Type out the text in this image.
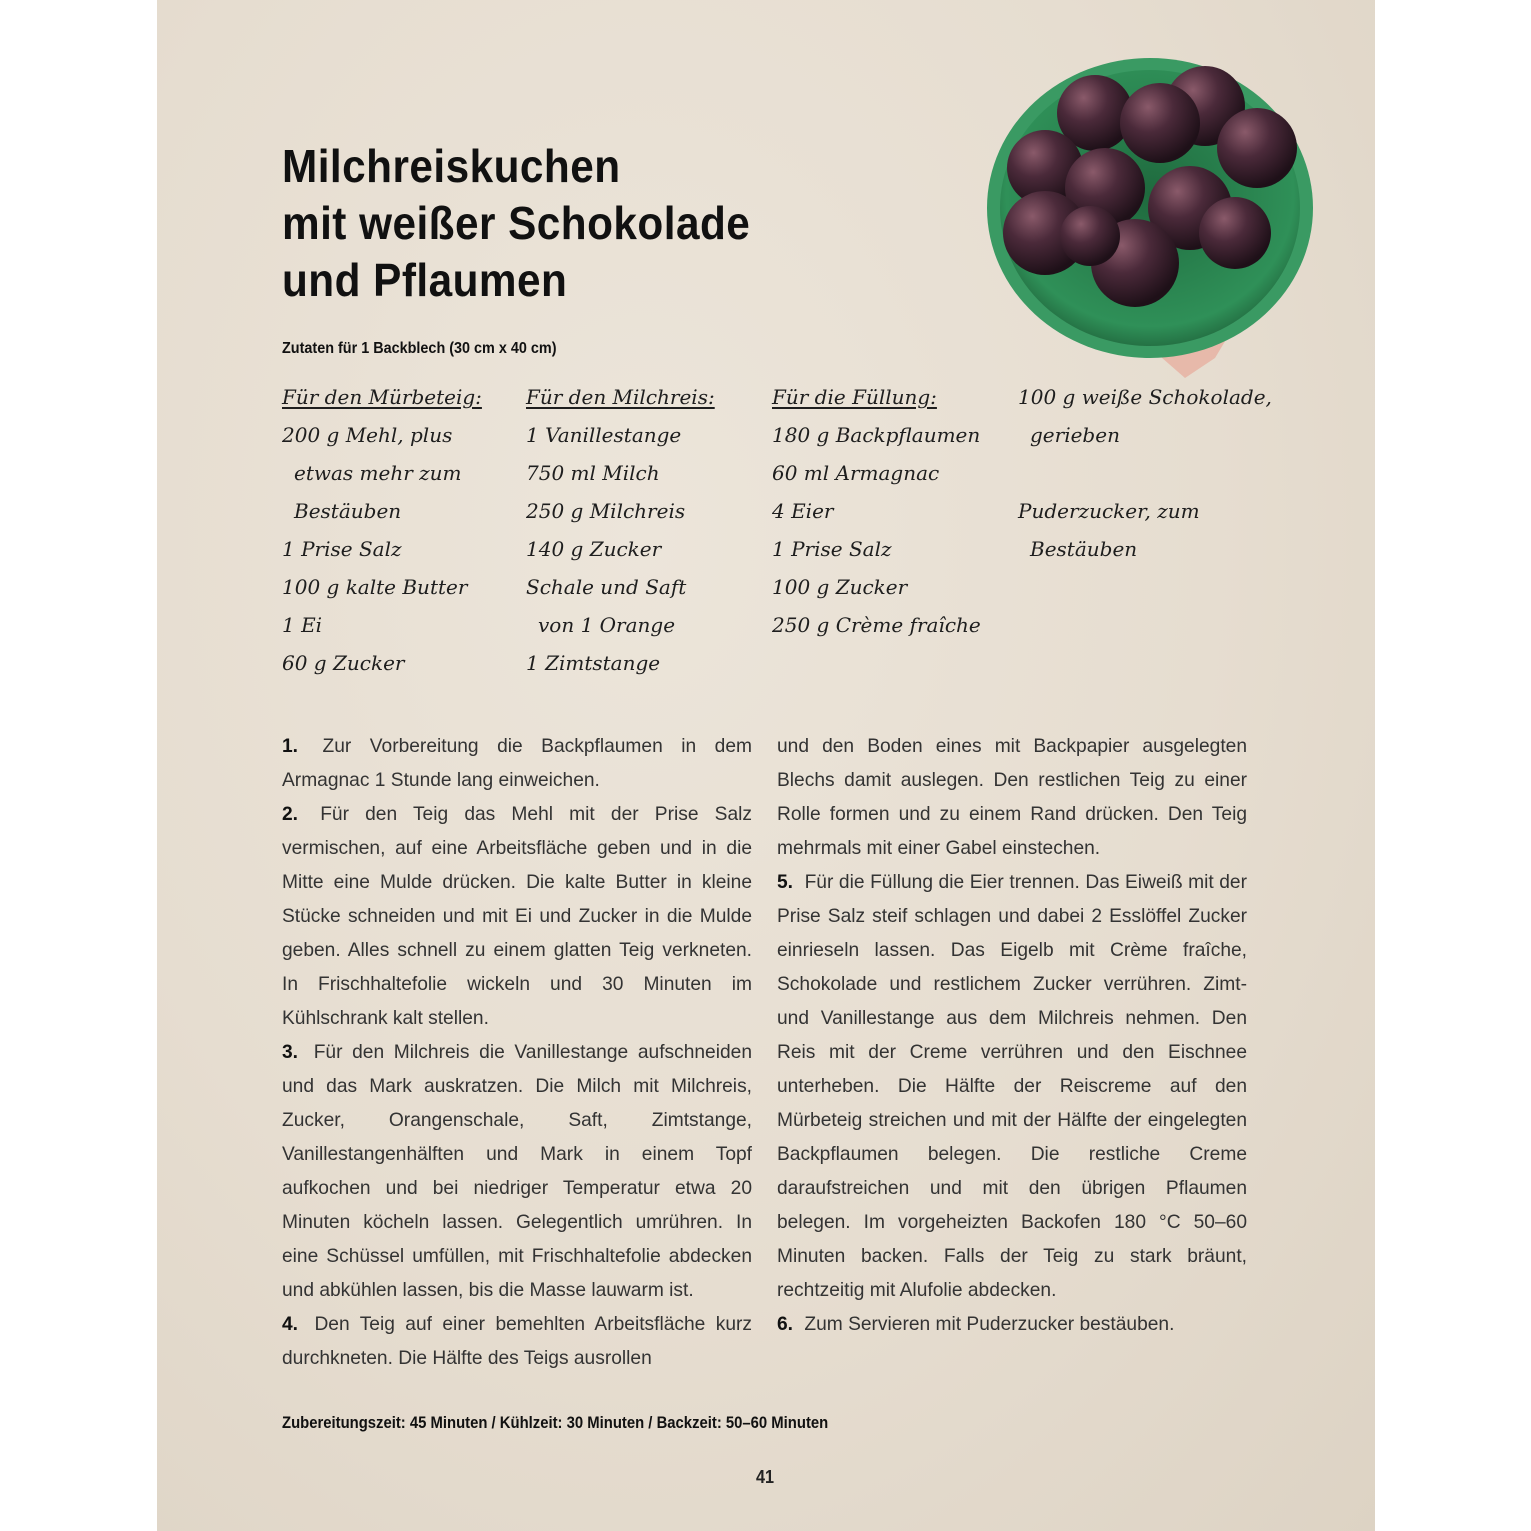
Milchreiskuchen
mit weißer Schokolade
und Pflaumen
Zutaten für 1 Backblech (30 cm x 40 cm)
Für den Mürbeteig:
200 g Mehl, plus
etwas mehr zum
Bestäuben
1 Prise Salz
100 g kalte Butter
1 Ei
60 g Zucker
Für den Milchreis:
1 Vanillestange
750 ml Milch
250 g Milchreis
140 g Zucker
Schale und Saft
von 1 Orange
1 Zimtstange
Für die Füllung:
180 g Backpflaumen
60 ml Armagnac
4 Eier
1 Prise Salz
100 g Zucker
250 g Crème fraîche
100 g weiße Schokolade,
gerieben
Puderzucker, zum
Bestäuben

1. Zur Vorbereitung die Backpflaumen in dem Armagnac 1 Stunde lang einweichen.

2. Für den Teig das Mehl mit der Prise Salz vermischen, auf eine Arbeitsfläche geben und in die Mitte eine Mulde drücken. Die kalte Butter in kleine Stücke schneiden und mit Ei und Zucker in die Mulde geben. Alles schnell zu einem glatten Teig verkneten. In Frischhaltefolie wickeln und 30 Minuten im Kühlschrank kalt stellen.

3. Für den Milchreis die Vanillestange aufschneiden und das Mark auskratzen. Die Milch mit Milchreis, Zucker, Orangenschale, Saft, Zimtstange, Vanillestangenhälften und Mark in einem Topf aufkochen und bei niedriger Temperatur etwa 20 Minuten köcheln lassen. Gelegentlich umrühren. In eine Schüssel umfüllen, mit Frischhaltefolie abdecken und abkühlen lassen, bis die Masse lauwarm ist.

4. Den Teig auf einer bemehlten Arbeitsfläche kurz durchkneten. Die Hälfte des Teigs ausrollen

und den Boden eines mit Backpapier ausgelegten Blechs damit auslegen. Den restlichen Teig zu einer Rolle formen und zu einem Rand drücken. Den Teig mehrmals mit einer Gabel einstechen.

5. Für die Füllung die Eier trennen. Das Eiweiß mit der Prise Salz steif schlagen und dabei 2 Esslöffel Zucker einrieseln lassen. Das Eigelb mit Crème fraîche, Schokolade und restlichem Zucker verrühren. Zimt- und Vanillestange aus dem Milchreis nehmen. Den Reis mit der Creme verrühren und den Eischnee unterheben. Die Hälfte der Reiscreme auf den Mürbeteig streichen und mit der Hälfte der eingelegten Backpflaumen belegen. Die restliche Creme daraufstreichen und mit den übrigen Pflaumen belegen. Im vorgeheizten Backofen 180 °C 50–60 Minuten backen. Falls der Teig zu stark bräunt, rechtzeitig mit Alufolie abdecken.

6. Zum Servieren mit Puderzucker bestäuben.

Zubereitungszeit: 45 Minuten / Kühlzeit: 30 Minuten / Backzeit: 50–60 Minuten
41
